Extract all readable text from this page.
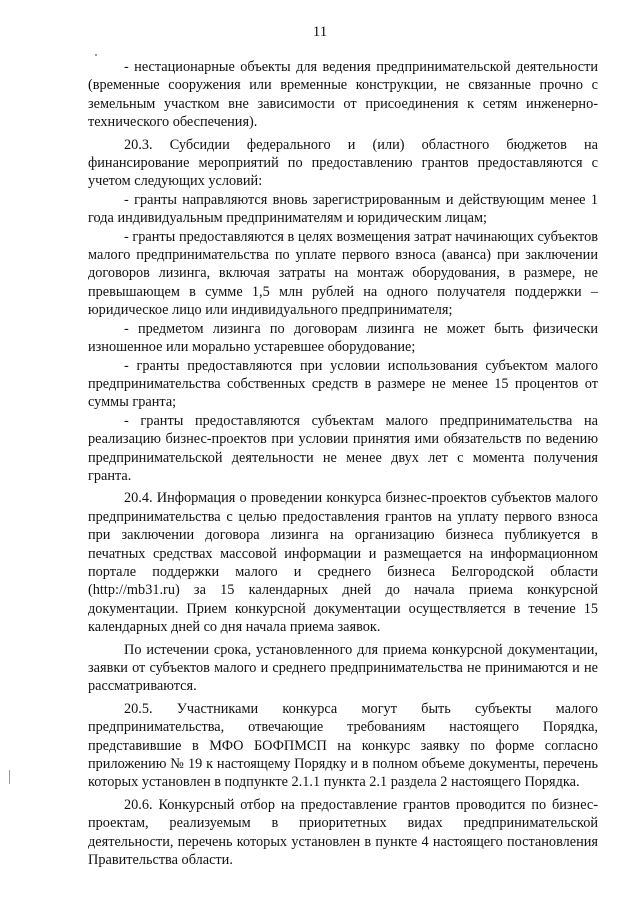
11

- нестационарные объекты для ведения предпринимательской деятельности (временные сооружения или временные конструкции, не связанные прочно с земельным участком вне зависимости от присоединения к сетям инженерно-технического обеспечения).

20.3. Субсидии федерального и (или) областного бюджетов на финансирование мероприятий по предоставлению грантов предоставляются с учетом следующих условий:

- гранты направляются вновь зарегистрированным и действующим менее 1 года индивидуальным предпринимателям и юридическим лицам;

- гранты предоставляются в целях возмещения затрат начинающих субъектов малого предпринимательства по уплате первого взноса (аванса) при заключении договоров лизинга, включая затраты на монтаж оборудования, в размере, не превышающем в сумме 1,5 млн рублей на одного получателя поддержки – юридическое лицо или индивидуального предпринимателя;

- предметом лизинга по договорам лизинга не может быть физически изношенное или морально устаревшее оборудование;

- гранты предоставляются при условии использования субъектом малого предпринимательства собственных средств в размере не менее 15 процентов от суммы гранта;

- гранты предоставляются субъектам малого предпринимательства на реализацию бизнес-проектов при условии принятия ими обязательств по ведению предпринимательской деятельности не менее двух лет с момента получения гранта.

20.4. Информация о проведении конкурса бизнес-проектов субъектов малого предпринимательства с целью предоставления грантов на уплату первого взноса при заключении договора лизинга на организацию бизнеса публикуется в печатных средствах массовой информации и размещается на информационном портале поддержки малого и среднего бизнеса Белгородской области (http://mb31.ru) за 15 календарных дней до начала приема конкурсной документации. Прием конкурсной документации осуществляется в течение 15 календарных дней со дня начала приема заявок.

По истечении срока, установленного для приема конкурсной документации, заявки от субъектов малого и среднего предпринимательства не принимаются и не рассматриваются.

20.5. Участниками конкурса могут быть субъекты малого предпринимательства, отвечающие требованиям настоящего Порядка, представившие в МФО БОФПМСП на конкурс заявку по форме согласно приложению № 19 к настоящему Порядку и в полном объеме документы, перечень которых установлен в подпункте 2.1.1 пункта 2.1 раздела 2 настоящего Порядка.

20.6. Конкурсный отбор на предоставление грантов проводится по бизнес-проектам, реализуемым в приоритетных видах предпринимательской деятельности, перечень которых установлен в пункте 4 настоящего постановления Правительства области.
